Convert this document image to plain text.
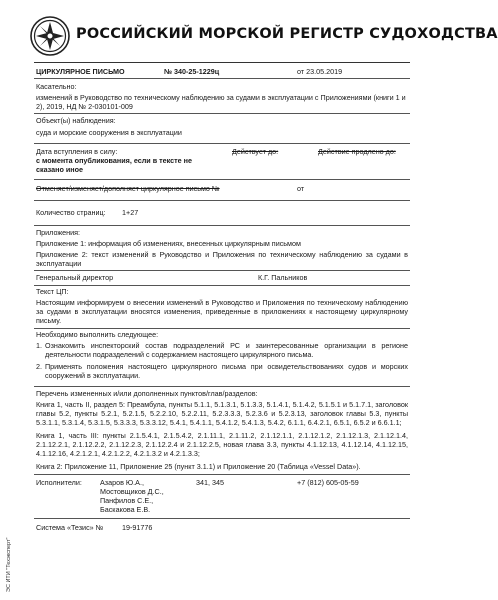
РОССИЙСКИЙ МОРСКОЙ РЕГИСТР СУДОХОДСТВА
ЦИРКУЛЯРНОЕ ПИСЬМО	№ 340-25-1229ц	от 23.05.2019
Касательно:
изменений в Руководство по техническому наблюдению за судами в эксплуатации с Приложениями (книги 1 и 2), 2019, НД № 2-030101-009
Объект(ы) наблюдения:
суда и морские сооружения в эксплуатации
Дата вступления в силу:
с момента опубликования, если в тексте не сказано иное
Действует до:	Действие продлено до:
Отменяет/изменяет/дополняет циркулярное письмо №	от
Количество страниц:	1+27
Приложения:
Приложение 1: информация об изменениях, внесенных циркулярным письмом
Приложение 2: текст изменений в Руководство и Приложения по техническому наблюдению за судами в эксплуатации
Генеральный директор	К.Г. Пальников
Текст ЦП:
Настоящим информируем о внесении изменений в Руководство и Приложения по техническому наблюдению за судами в эксплуатации вносятся изменения, приведенные в приложениях к настоящему циркулярному письму.
Необходимо выполнить следующее:
1. Ознакомить инспекторский состав подразделений РС и заинтересованные организации в регионе деятельности подразделений с содержанием настоящего циркулярного письма.
2. Применять положения настоящего циркулярного письма при освидетельствованиях судов и морских сооружений в эксплуатации.
Перечень измененных и/или дополненных пунктов/глав/разделов:
Книга 1, часть II, раздел 5: Преамбула, пункты 5.1.1, 5.1.3.1, 5.1.3.3, 5.1.4.1, 5.1.4.2, 5.1.5.1 и 5.1.7.1, заголовок главы 5.2, пункты 5.2.1, 5.2.1.5, 5.2.2.10, 5.2.2.11, 5.2.3.3.3, 5.2.3.6 и 5.2.3.13, заголовок главы 5.3, пункты 5.3.1.1, 5.3.1.4, 5.3.1.5, 5.3.3.3, 5.3.3.12, 5.4.1, 5.4.1.1, 5.4.1.2, 5.4.1.3, 5.4.2, 6.1.1, 6.4.2.1, 6.5.1, 6.5.2 и 6.6.1.1;
Книга 1, часть III: пункты 2.1.5.4.1, 2.1.5.4.2, 2.1.11.1, 2.1.11.2, 2.1.12.1.1, 2.1.12.1.2, 2.1.12.1.3, 2.1.12.1.4, 2.1.12.2.1, 2.1.12.2.2, 2.1.12.2.3, 2.1.12.2.4 и 2.1.12.2.5, новая глава 3.3, пункты 4.1.12.13, 4.1.12.14, 4.1.12.15, 4.1.12.16, 4.2.1.2.1, 4.2.1.2.2, 4.2.1.3.2 и 4.2.1.3.3;
Книга 2: Приложение 11, Приложение 25 (пункт 3.1.1) и Приложение 20 (Таблица «Vessel Data»).
Исполнители:	Азаров Ю.А.,
Мостовщиков Д.С.,
Панфилов С.Е.,
Баскакова Е.В.
341, 345	+7 (812) 605-05-59
Система «Тезис» №	19-91776
ЭС ИТИ "Техэксперт"
